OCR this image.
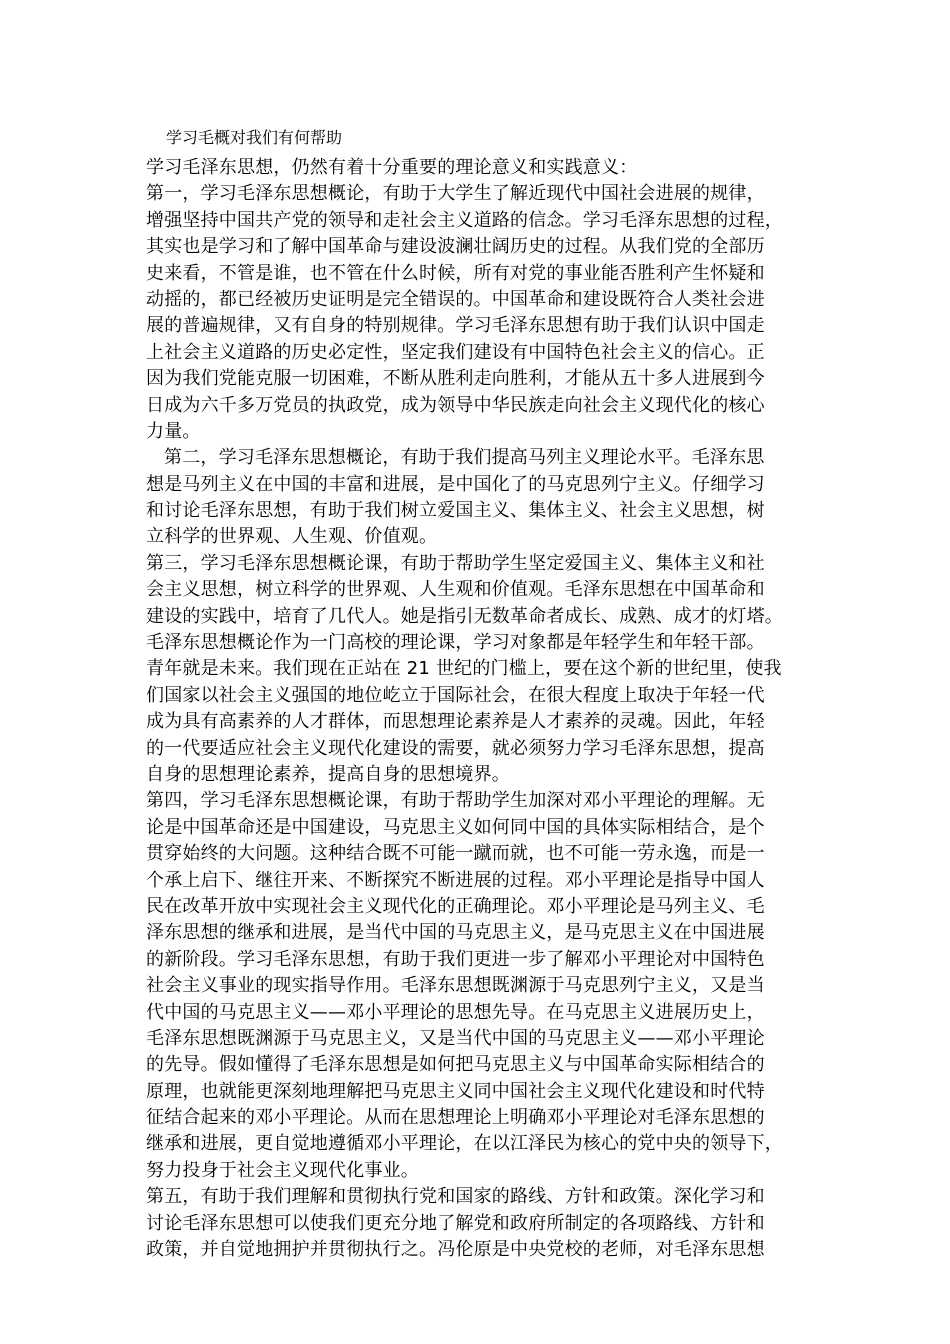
学习毛概对我们有何帮助
学习毛泽东思想，仍然有着十分重要的理论意义和实践意义：
第一，学习毛泽东思想概论，有助于大学生了解近现代中国社会进展的规律，
增强坚持中国共产党的领导和走社会主义道路的信念。学习毛泽东思想的过程，
其实也是学习和了解中国革命与建设波澜壮阔历史的过程。从我们党的全部历
史来看，不管是谁，也不管在什么时候，所有对党的事业能否胜利产生怀疑和
动摇的，都已经被历史证明是完全错误的。中国革命和建设既符合人类社会进
展的普遍规律，又有自身的特别规律。学习毛泽东思想有助于我们认识中国走
上社会主义道路的历史必定性，坚定我们建设有中国特色社会主义的信心。正
因为我们党能克服一切困难，不断从胜利走向胜利，才能从五十多人进展到今
日成为六千多万党员的执政党，成为领导中华民族走向社会主义现代化的核心
力量。
第二，学习毛泽东思想概论，有助于我们提高马列主义理论水平。毛泽东思
想是马列主义在中国的丰富和进展，是中国化了的马克思列宁主义。仔细学习
和讨论毛泽东思想，有助于我们树立爱国主义、集体主义、社会主义思想，树
立科学的世界观、人生观、价值观。
第三，学习毛泽东思想概论课，有助于帮助学生坚定爱国主义、集体主义和社
会主义思想，树立科学的世界观、人生观和价值观。毛泽东思想在中国革命和
建设的实践中，培育了几代人。她是指引无数革命者成长、成熟、成才的灯塔。
毛泽东思想概论作为一门高校的理论课，学习对象都是年轻学生和年轻干部。
青年就是未来。我们现在正站在 21 世纪的门槛上，要在这个新的世纪里，使我
们国家以社会主义强国的地位屹立于国际社会，在很大程度上取决于年轻一代
成为具有高素养的人才群体，而思想理论素养是人才素养的灵魂。因此，年轻
的一代要适应社会主义现代化建设的需要，就必须努力学习毛泽东思想，提高
自身的思想理论素养，提高自身的思想境界。
第四，学习毛泽东思想概论课，有助于帮助学生加深对邓小平理论的理解。无
论是中国革命还是中国建设，马克思主义如何同中国的具体实际相结合，是个
贯穿始终的大问题。这种结合既不可能一蹴而就，也不可能一劳永逸，而是一
个承上启下、继往开来、不断探究不断进展的过程。邓小平理论是指导中国人
民在改革开放中实现社会主义现代化的正确理论。邓小平理论是马列主义、毛
泽东思想的继承和进展，是当代中国的马克思主义，是马克思主义在中国进展
的新阶段。学习毛泽东思想，有助于我们更进一步了解邓小平理论对中国特色
社会主义事业的现实指导作用。毛泽东思想既渊源于马克思列宁主义，又是当
代中国的马克思主义——邓小平理论的思想先导。在马克思主义进展历史上，
毛泽东思想既渊源于马克思主义，又是当代中国的马克思主义——邓小平理论
的先导。假如懂得了毛泽东思想是如何把马克思主义与中国革命实际相结合的
原理，也就能更深刻地理解把马克思主义同中国社会主义现代化建设和时代特
征结合起来的邓小平理论。从而在思想理论上明确邓小平理论对毛泽东思想的
继承和进展，更自觉地遵循邓小平理论，在以江泽民为核心的党中央的领导下，
努力投身于社会主义现代化事业。
第五，有助于我们理解和贯彻执行党和国家的路线、方针和政策。深化学习和
讨论毛泽东思想可以使我们更充分地了解党和政府所制定的各项路线、方针和
政策，并自觉地拥护并贯彻执行之。冯伦原是中央党校的老师，对毛泽东思想
